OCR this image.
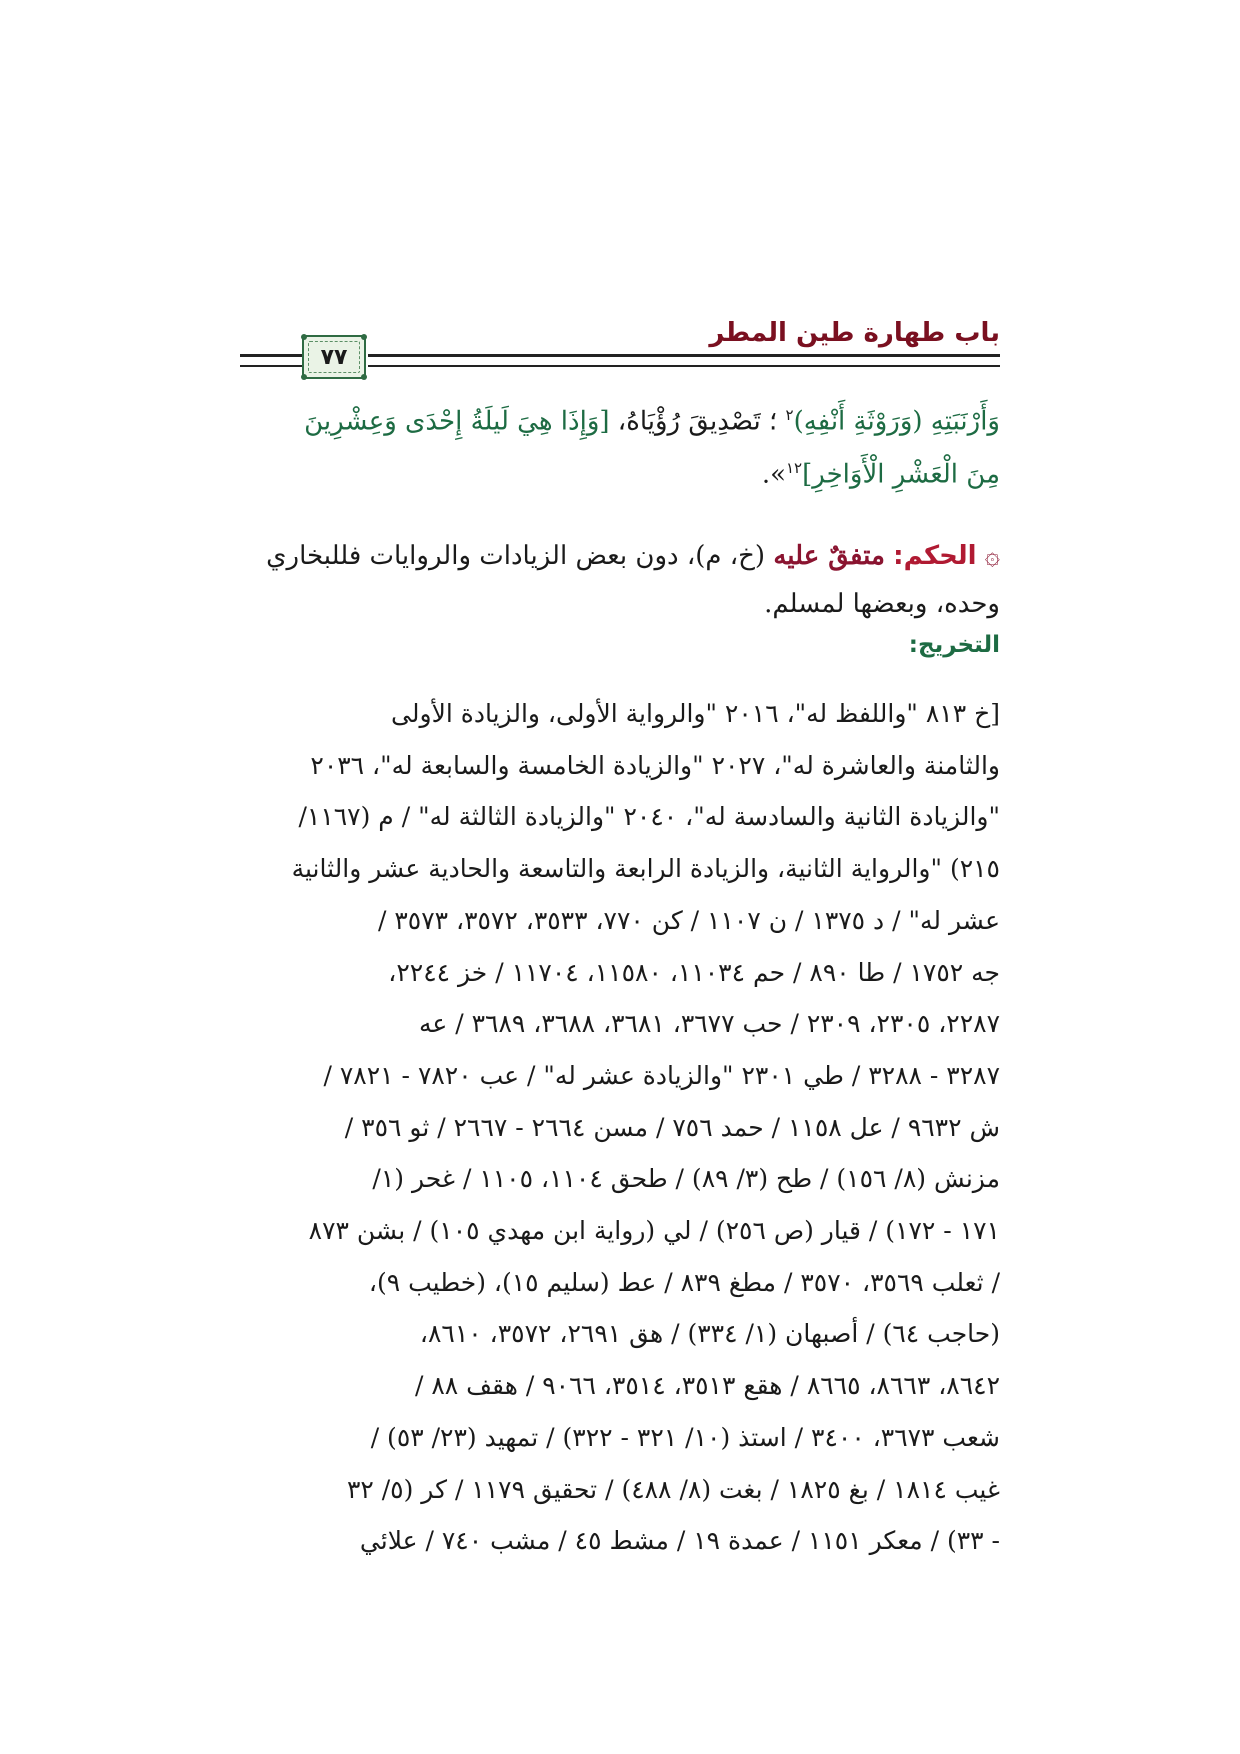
باب طهارة طين المطر
٧٧
وَأَرْنَبَتِهِ (وَرَوْثَةِ أَنْفِهِ)$^٢$ ؛ تَصْدِيقَ رُؤْيَاهُ، [وَإِذَا هِيَ لَيلَةُ إِحْدَى وَعِشْرِينَ
مِنَ الْعَشْرِ الْأَوَاخِرِ]$^{١٢}$».
۞ الحكم: متفقٌ عليه (خ، م)، دون بعض الزيادات والروايات فللبخاري
وحده، وبعضها لمسلم.
التخريج:
[خ ٨١٣ "واللفظ له"، ٢٠١٦ "والرواية الأولى، والزيادة الأولى
والثامنة والعاشرة له"، ٢٠٢٧ "والزيادة الخامسة والسابعة له"، ٢٠٣٦
"والزيادة الثانية والسادسة له"، ٢٠٤٠ "والزيادة الثالثة له" / م (١١٦٧/
٢١٥) "والرواية الثانية، والزيادة الرابعة والتاسعة والحادية عشر والثانية
عشر له" / د ١٣٧٥ / ن ١١٠٧ / كن ٧٧٠، ٣٥٣٣، ٣٥٧٢، ٣٥٧٣ /
جه ١٧٥٢ / طا ٨٩٠ / حم ١١٠٣٤، ١١٥٨٠، ١١٧٠٤ / خز ٢٢٤٤،
٢٢٨٧، ٢٣٠٥، ٢٣٠٩ / حب ٣٦٧٧، ٣٦٨١، ٣٦٨٨، ٣٦٨٩ / عه
٣٢٨٧ - ٣٢٨٨ / طي ٢٣٠١ "والزيادة عشر له" / عب ٧٨٢٠ - ٧٨٢١ /
ش ٩٦٣٢ / عل ١١٥٨ / حمد ٧٥٦ / مسن ٢٦٦٤ - ٢٦٦٧ / ثو ٣٥٦ /
مزنش (٨/ ١٥٦) / طح (٣/ ٨٩) / طحق ١١٠٤، ١١٠٥ / غحر (١/
١٧١ - ١٧٢) / قيار (ص ٢٥٦) / لي (رواية ابن مهدي ١٠٥) / بشن ٨٧٣
/ ثعلب ٣٥٦٩، ٣٥٧٠ / مطغ ٨٣٩ / عط (سليم ١٥)، (خطيب ٩)،
(حاجب ٦٤) / أصبهان (١/ ٣٣٤) / هق ٢٦٩١، ٣٥٧٢، ٨٦١٠،
٨٦٤٢، ٨٦٦٣، ٨٦٦٥ / هقع ٣٥١٣، ٣٥١٤، ٩٠٦٦ / هقف ٨٨ /
شعب ٣٦٧٣، ٣٤٠٠ / استذ (١٠/ ٣٢١ - ٣٢٢) / تمهيد (٢٣/ ٥٣) /
غيب ١٨١٤ / بغ ١٨٢٥ / بغت (٨/ ٤٨٨) / تحقيق ١١٧٩ / كر (٥/ ٣٢
- ٣٣) / معكر ١١٥١ / عمدة ١٩ / مشط ٤٥ / مشب ٧٤٠ / علائي
